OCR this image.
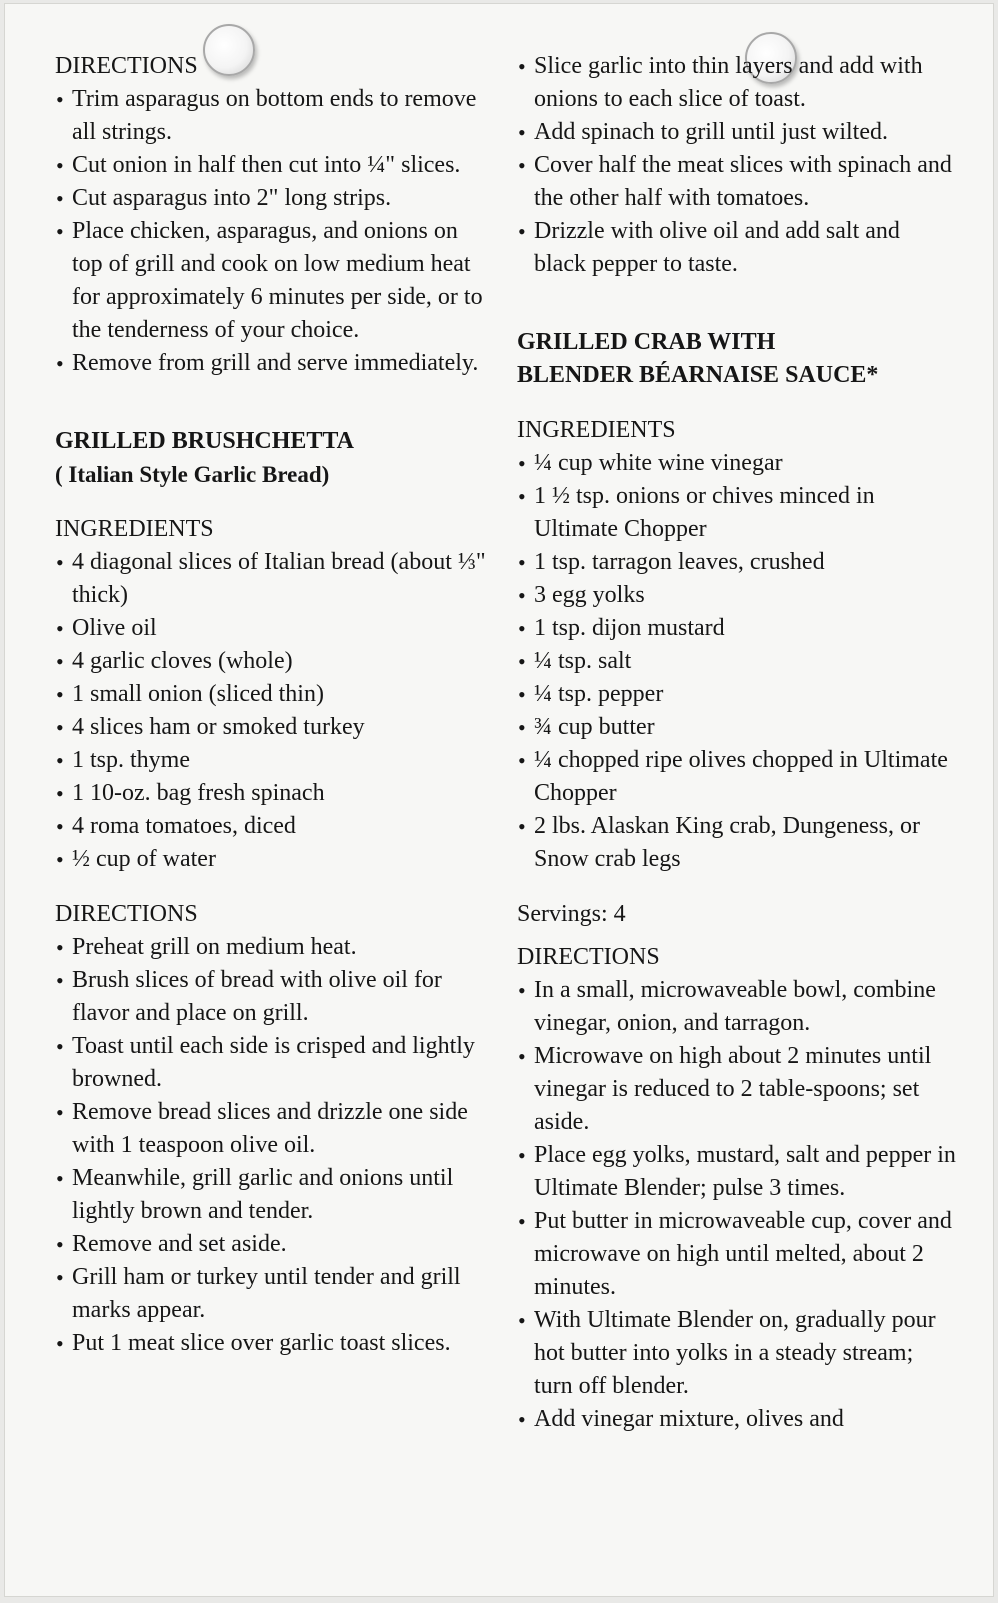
DIRECTIONS

• Trim asparagus on bottom ends to remove all strings.
• Cut onion in half then cut into ¼" slices.
• Cut asparagus into 2" long strips.
• Place chicken, asparagus, and onions on top of grill and cook on low medium heat for approximately 6 minutes per side, or to the tenderness of your choice.
• Remove from grill and serve immediately.

GRILLED BRUSHCHETTA

( Italian Style Garlic Bread)

INGREDIENTS

• 4 diagonal slices of Italian bread (about ⅓" thick)
• Olive oil
• 4 garlic cloves (whole)
• 1 small onion (sliced thin)
• 4 slices ham or smoked turkey
• 1 tsp. thyme
• 1 10-oz. bag fresh spinach
• 4 roma tomatoes, diced
• ½ cup of water

DIRECTIONS

• Preheat grill on medium heat.
• Brush slices of bread with olive oil for flavor and place on grill.
• Toast until each side is crisped and lightly browned.
• Remove bread slices and drizzle one side with 1 teaspoon olive oil.
• Meanwhile, grill garlic and onions until lightly brown and tender.
• Remove and set aside.
• Grill ham or turkey until tender and grill marks appear.
• Put 1 meat slice over garlic toast slices.
• Slice garlic into thin layers and add with onions to each slice of toast.
• Add spinach to grill until just wilted.
• Cover half the meat slices with spinach and the other half with tomatoes.
• Drizzle with olive oil and add salt and black pepper to taste.

GRILLED CRAB WITH

BLENDER BÉARNAISE SAUCE*

INGREDIENTS

• ¼ cup white wine vinegar
• 1 ½ tsp. onions or chives minced in Ultimate Chopper
• 1 tsp. tarragon leaves, crushed
• 3 egg yolks
• 1 tsp. dijon mustard
• ¼ tsp. salt
• ¼ tsp. pepper
• ¾ cup butter
• ¼ chopped ripe olives chopped in Ultimate Chopper
• 2 lbs. Alaskan King crab, Dungeness, or Snow crab legs

Servings: 4

DIRECTIONS

• In a small, microwaveable bowl, combine vinegar, onion, and tarragon.
• Microwave on high about 2 minutes until vinegar is reduced to 2 table-spoons; set aside.
• Place egg yolks, mustard, salt and pepper in Ultimate Blender; pulse 3 times.
• Put butter in microwaveable cup, cover and microwave on high until melted, about 2 minutes.
• With Ultimate Blender on, gradually pour hot butter into yolks in a steady stream; turn off blender.
• Add vinegar mixture, olives and
